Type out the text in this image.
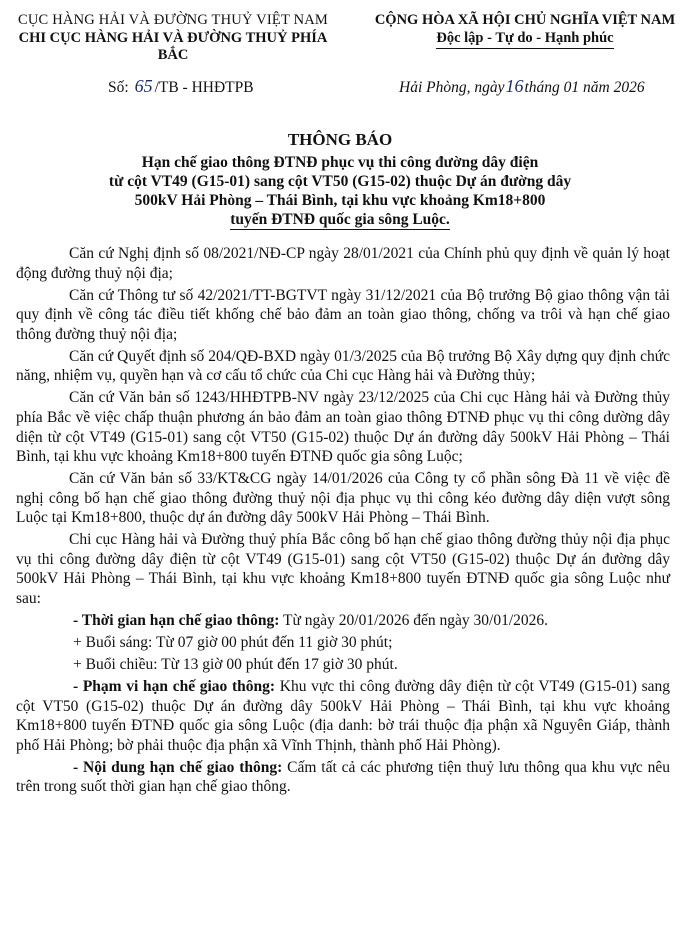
CỤC HÀNG HẢI VÀ ĐƯỜNG THUỶ VIỆT NAM
CHI CỤC HÀNG HẢI VÀ ĐƯỜNG THUỶ PHÍA BẮC
CỘNG HÒA XÃ HỘI CHỦ NGHĨA VIỆT NAM
Độc lập - Tự do - Hạnh phúc
Số: 65 /TB - HHĐTPB	Hải Phòng, ngày16tháng 01 năm 2026
THÔNG BÁO
Hạn chế giao thông ĐTNĐ phục vụ thi công đường dây điện
từ cột VT49 (G15-01) sang cột VT50 (G15-02) thuộc Dự án đường dây
500kV Hải Phòng – Thái Bình, tại khu vực khoảng Km18+800
tuyến ĐTNĐ quốc gia sông Luộc.

Căn cứ Nghị định số 08/2021/NĐ-CP ngày 28/01/2021 của Chính phủ quy định về quản lý hoạt động đường thuỷ nội địa;

Căn cứ Thông tư số 42/2021/TT-BGTVT ngày 31/12/2021 của Bộ trưởng Bộ giao thông vận tải quy định về công tác điều tiết khống chế bảo đảm an toàn giao thông, chống va trôi và hạn chế giao thông đường thuỷ nội địa;

Căn cứ Quyết định số 204/QĐ-BXD ngày 01/3/2025 của Bộ trưởng Bộ Xây dựng quy định chức năng, nhiệm vụ, quyền hạn và cơ cấu tổ chức của Chi cục Hàng hải và Đường thủy;

Căn cứ Văn bản số 1243/HHĐTPB-NV ngày 23/12/2025 của Chi cục Hàng hải và Đường thủy phía Bắc về việc chấp thuận phương án bảo đảm an toàn giao thông ĐTNĐ phục vụ thi công dường dây diện từ cột VT49 (G15-01) sang cột VT50 (G15-02) thuộc Dự án đường dây 500kV Hải Phòng – Thái Bình, tại khu vực khoảng Km18+800 tuyến ĐTNĐ quốc gia sông Luộc;

Căn cứ Văn bản số 33/KT&CG ngày 14/01/2026 của Công ty cổ phần sông Đà 11 về việc đề nghị công bố hạn chế giao thông đường thuỷ nội địa phục vụ thi công kéo đường dây diện vượt sông Luộc tại Km18+800, thuộc dự án đường dây 500kV Hải Phòng – Thái Bình.

Chi cục Hàng hải và Đường thuỷ phía Bắc công bố hạn chế giao thông đường thủy nội địa phục vụ thi công đường dây điện từ cột VT49 (G15-01) sang cột VT50 (G15-02) thuộc Dự án đường dây 500kV Hải Phòng – Thái Bình, tại khu vực khoảng Km18+800 tuyến ĐTNĐ quốc gia sông Luộc như sau:

- Thời gian hạn chế giao thông: Từ ngày 20/01/2026 đến ngày 30/01/2026.

+ Buổi sáng: Từ 07 giờ 00 phút đến 11 giờ 30 phút;

+ Buổi chiều: Từ 13 giờ 00 phút đến 17 giờ 30 phút.

- Phạm vi hạn chế giao thông: Khu vực thi công đường dây điện từ cột VT49 (G15-01) sang cột VT50 (G15-02) thuộc Dự án đường dây 500kV Hải Phòng – Thái Bình, tại khu vực khoảng Km18+800 tuyến ĐTNĐ quốc gia sông Luộc (địa danh: bờ trái thuộc địa phận xã Nguyên Giáp, thành phố Hải Phòng; bờ phải thuộc địa phận xã Vĩnh Thịnh, thành phố Hải Phòng).

- Nội dung hạn chế giao thông: Cấm tất cả các phương tiện thuỷ lưu thông qua khu vực nêu trên trong suốt thời gian hạn chế giao thông.
